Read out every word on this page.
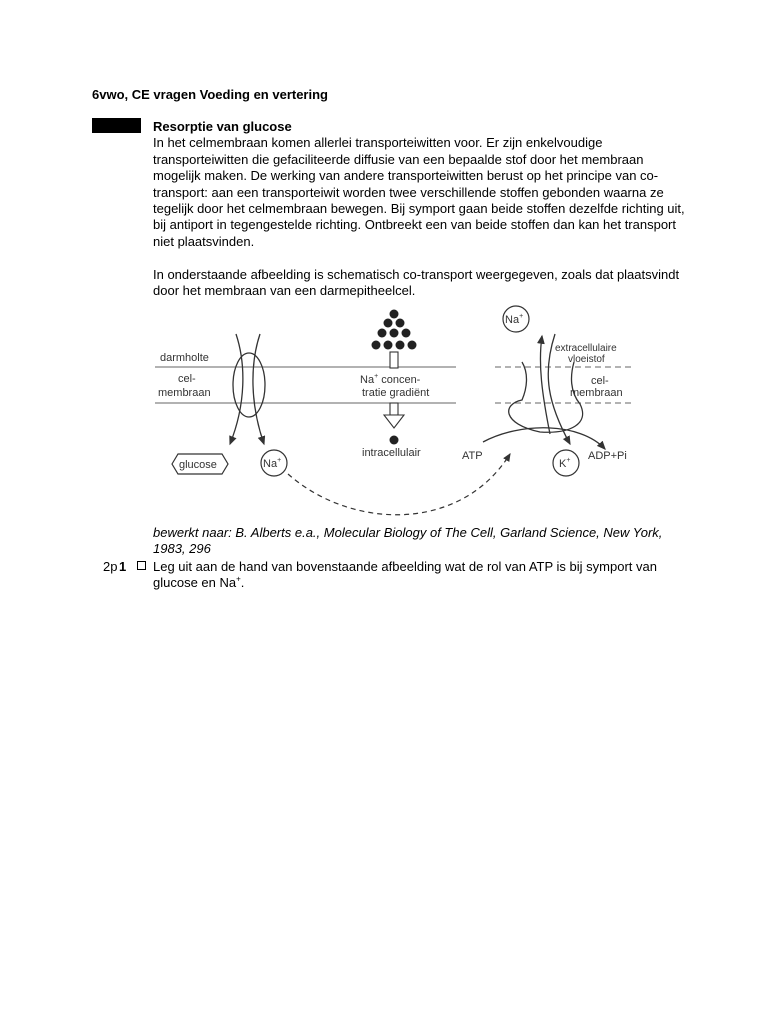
6vwo, CE vragen Voeding en vertering
Resorptie van glucose

In het celmembraan komen allerlei transporteiwitten voor. Er zijn enkelvoudige transporteiwitten die gefaciliteerde diffusie van een bepaalde stof door het membraan mogelijk maken. De werking van andere transporteiwitten berust op het principe van co-transport: aan een transporteiwit worden twee verschillende stoffen gebonden waarna ze tegelijk door het celmembraan bewegen. Bij symport gaan beide stoffen dezelfde richting uit, bij antiport in tegengestelde richting. Ontbreekt een van beide stoffen dan kan het transport niet plaatsvinden.

In onderstaande afbeelding is schematisch co-transport weergegeven, zoals dat plaatsvindt door het membraan van een darmepitheelcel.

darmholte
cel-
membraan
glucose	Na+
Na+ concen-
tratie gradiënt
intracellulair
Na+
extracellulaire
vloeistof
cel-
membraan
ATP
K+ ADP+Pi
bewerkt naar: B. Alberts e.a., Molecular Biology of The Cell, Garland Science, New York, 1983, 296
2p 1 Leg uit aan de hand van bovenstaande afbeelding wat de rol van ATP is bij symport van glucose en Na+.
